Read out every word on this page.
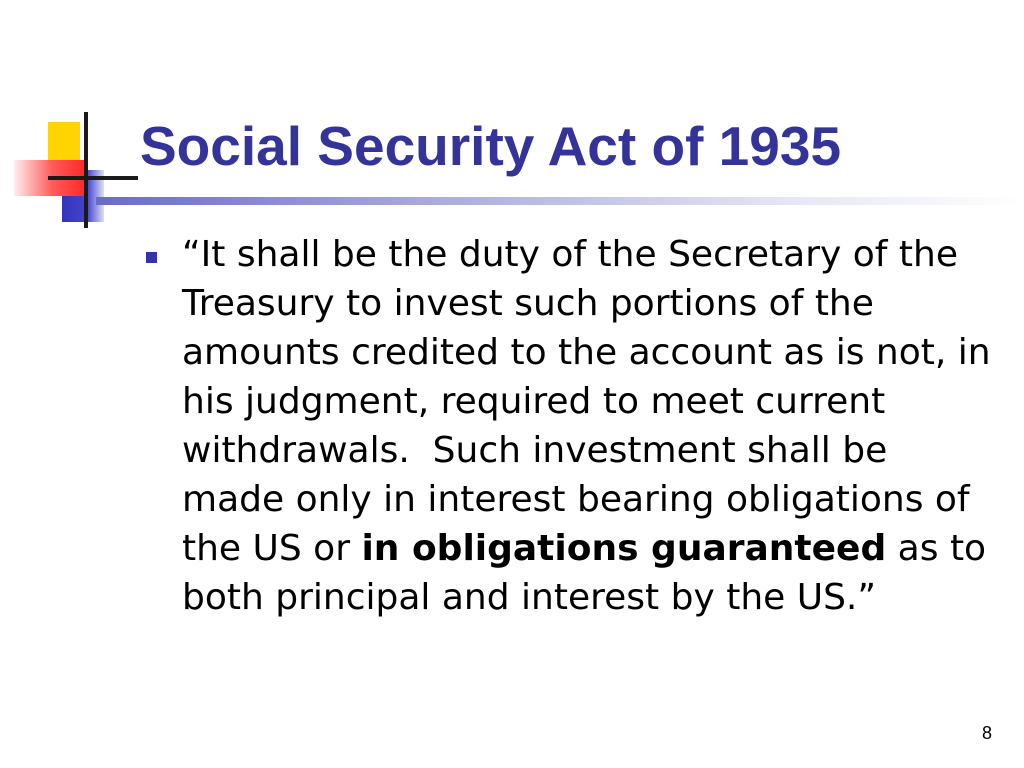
Social Security Act of 1935
“It shall be the duty of the Secretary of the Treasury to invest such portions of the amounts credited to the account as is not, in his judgment, required to meet current withdrawals.  Such investment shall be made only in interest bearing obligations of the US or in obligations guaranteed as to both principal and interest by the US.”
8
